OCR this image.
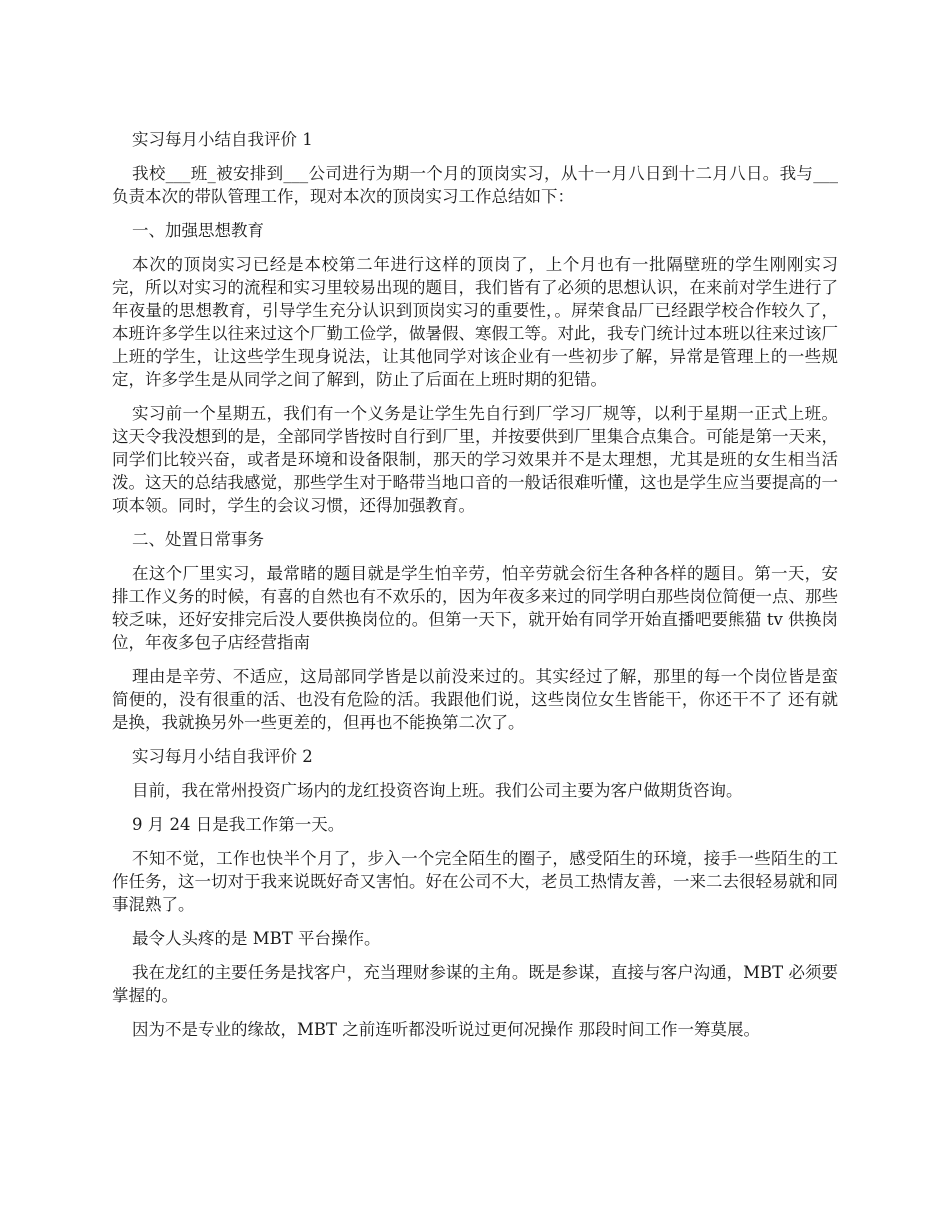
实习每月小结自我评价 1

我校___班_被安排到___公司进行为期一个月的顶岗实习，从十一月八日到十二月八日。我与___负责本次的带队管理工作，现对本次的顶岗实习工作总结如下：

一、加强思想教育

本次的顶岗实习已经是本校第二年进行这样的顶岗了，上个月也有一批隔壁班的学生刚刚实习完，所以对实习的流程和实习里较易出现的题目，我们皆有了必须的思想认识，在来前对学生进行了年夜量的思想教育，引导学生充分认识到顶岗实习的重要性，。屏荣食品厂已经跟学校合作较久了，本班许多学生以往来过这个厂勤工俭学，做暑假、寒假工等。对此，我专门统计过本班以往来过该厂上班的学生，让这些学生现身说法，让其他同学对该企业有一些初步了解，异常是管理上的一些规定，许多学生是从同学之间了解到，防止了后面在上班时期的犯错。

实习前一个星期五，我们有一个义务是让学生先自行到厂学习厂规等，以利于星期一正式上班。这天令我没想到的是，全部同学皆按时自行到厂里，并按要供到厂里集合点集合。可能是第一天来，同学们比较兴奋，或者是环境和设备限制，那天的学习效果并不是太理想，尤其是班的女生相当活泼。这天的总结我感觉，那些学生对于略带当地口音的一般话很难听懂，这也是学生应当要提高的一项本领。同时，学生的会议习惯，还得加强教育。

二、处置日常事务

在这个厂里实习，最常睹的题目就是学生怕辛劳，怕辛劳就会衍生各种各样的题目。第一天，安排工作义务的时候，有喜的自然也有不欢乐的，因为年夜多来过的同学明白那些岗位简便一点、那些较乏味，还好安排完后没人要供换岗位的。但第一天下，就开始有同学开始直播吧要熊猫 tv 供换岗位，年夜多包子店经营指南

理由是辛劳、不适应，这局部同学皆是以前没来过的。其实经过了解，那里的每一个岗位皆是蛮简便的，没有很重的活、也没有危险的活。我跟他们说，这些岗位女生皆能干，你还干不了 还有就是换，我就换另外一些更差的，但再也不能换第二次了。

实习每月小结自我评价 2

目前，我在常州投资广场内的龙红投资咨询上班。我们公司主要为客户做期货咨询。

9 月 24 日是我工作第一天。

不知不觉，工作也快半个月了，步入一个完全陌生的圈子，感受陌生的环境，接手一些陌生的工作任务，这一切对于我来说既好奇又害怕。好在公司不大，老员工热情友善，一来二去很轻易就和同事混熟了。

最令人头疼的是 MBT 平台操作。

我在龙红的主要任务是找客户，充当理财参谋的主角。既是参谋，直接与客户沟通，MBT 必须要掌握的。

因为不是专业的缘故，MBT 之前连听都没听说过更何况操作 那段时间工作一筹莫展。
